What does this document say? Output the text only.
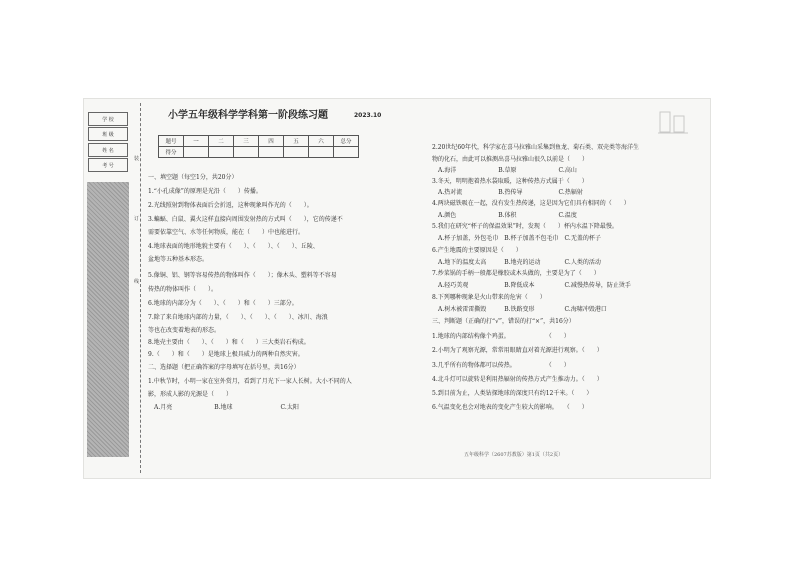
学 校
班 级
姓 名
考 号
装
订
线
小学五年级科学学科第一阶段练习题	2023.10
题号	一	二	三	四	五	六	总分
得分							
一、填空题（每空1分，共20分）
1.“小孔成像”的原理是光沿（　　）传播。
2.光线照射到物体表面后会折返，这种现象叫作光的（　　）。
3.蝙蝠、白鼠、翼火这样直接向周围发射热的方式叫（　　），它的传递不
需要依靠空气、水等任何物质，能在（　　）中也能进行。
4.地球表面的地形地貌主要有（　　）、（　　）、（　　）、丘陵、
盆地等五种基本形态。
5.像铜、铝、钢等容易传热的物体叫作（　　）；像木头、塑料等不容易
传热的物体叫作（　　）。
6.地球的内部分为（　　）、（　　）和（　　）三部分。
7.除了来自地球内部的力量，（　　）、（　　）、（　　）、冰川、海浪
等也在改变着地表的形态。
8.地壳主要由（　　）、（　　）和（　　）三大类岩石构成。
9.（　　）和（　　）是地球上极具威力的两种自然灾害。
二、选择题（把正确答案的字母填写在括号里，共16分）
1.中秋节时，小明一家在室外赏月，看到了月光下一家人长树。大小不同的人
影，形成人影的光源是（　　）
A.月亮　　　　　　　B.地球　　　　　　　　C.太阳
2.20世纪60年代，科学家在喜马拉雅山采集到鱼龙、菊石类、双壳类等海洋生
物的化石，由此可以推测出喜马拉雅山很久以前是（　　）
A.海洋　　　　　　　B.草原　　　　　　　C.高山
3.冬天，明明抱着热水袋取暖，这种传热方式属于（　　）
A.热对流　　　　　　B.热传导　　　　　　C.热辐射
4.两块磁铁吸在一起，没有发生热传递，这是因为它们具有相同的（　　）
A.颜色　　　　　　　B.体积　　　　　　　C.温度
5.我们在研究“杯子的保温效果”时，发现（　　）杯内水温下降最慢。
A.杯子加盖，外包毛巾　B.杯子加盖不包毛巾　C.无盖的杯子
6.产生地震的主要原因是（　　）
A.地下的温度太高　　　B.地壳的运动　　　　C.人类的活动
7.炒菜锅的手柄一般都是橡胶或木头做的，主要是为了（　　）
A.轻巧美观　　　　　　B.降低成本　　　　　C.减慢热传导，防止烫手
8.下列哪种现象是火山带来的危害（　　）
A.树木被雷雷撕毁　　　B.铁路变形　　　　　C.海啸冲毁港口
三、判断题（正确的打“√”，错误的打“×”，共16分）
1.地球的内部结构像个鸡蛋。　　　　　　　（　　）
2.小明为了观察光源，常常用眼睛直对着光源进行观察。（　　）
3.几乎所有的物体都可以传热。　　　　　　（　　）
4.北斗灯可以旋转是利用热辐射的传热方式产生推动力。（　　）
5.到目前为止，人类钻探地球的深度只有约12千米。（　　）
6.气温变化也会对地表的变化产生较大的影响。　　（　　）
五年级科学（2607苏教版）第1页（共2页）
